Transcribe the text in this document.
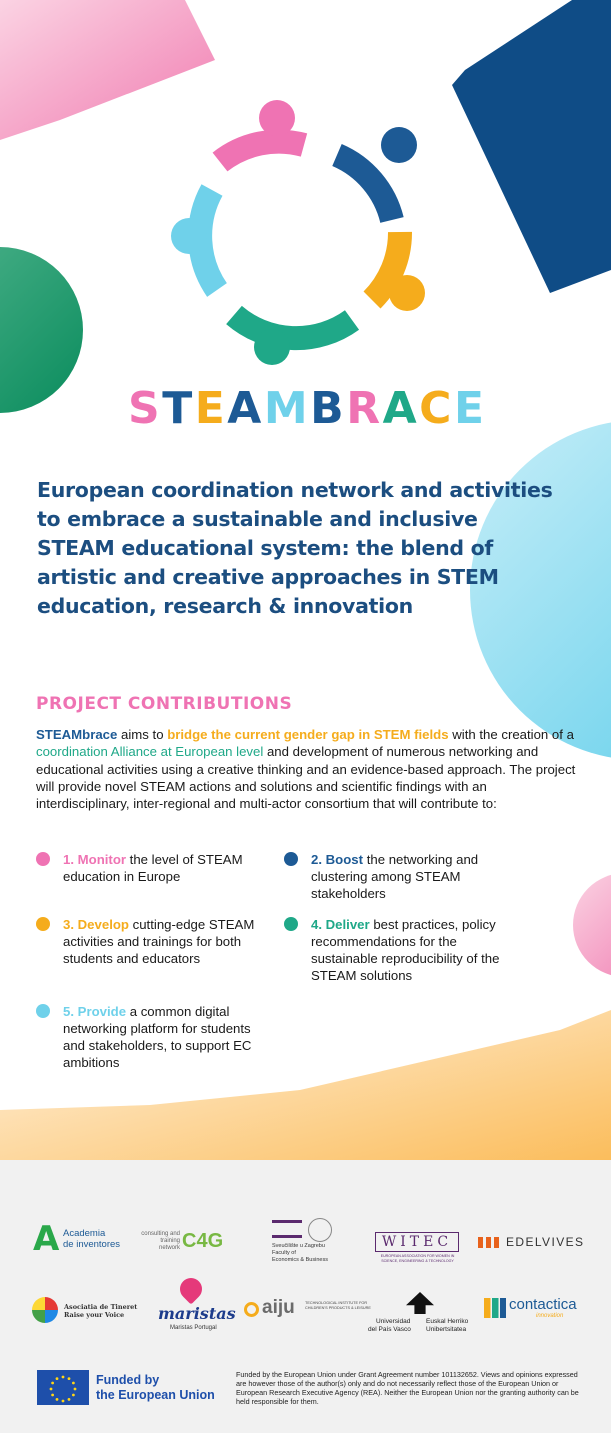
S T E A M B R A C E
European coordination network and activities to embrace a sustainable and inclusive STEAM educational system: the blend of artistic and creative approaches in STEM education, research & innovation
PROJECT CONTRIBUTIONS
STEAMbrace aims to bridge the current gender gap in STEM fields with the creation of a coordination Alliance at European level and development of numerous networking and educational activities using a creative thinking and an evidence-based approach. The project will provide novel STEAM actions and solutions and scientific findings with an interdisciplinary, inter-regional and multi-actor consortium that will contribute to:
1. Monitor the level of STEAM education in Europe
2. Boost the networking and clustering among STEAM stakeholders
3. Develop cutting-edge STEAM activities and trainings for both students and educators
4. Deliver best practices, policy recommendations for the sustainable reproducibility of the STEAM solutions
5. Provide a common digital networking platform for students and stakeholders, to support EC ambitions
A Academia
de inventores
consulting and training network C4G	Sveučilište u Zagrebu
Faculty of
Economics & Business
WITEC
EUROPEAN ASSOCIATION FOR WOMEN IN SCIENCE, ENGINEERING & TECHNOLOGY
EDELVIVES
Asociatia de Tineret
Raise your Voice maristas
Maristas Portugal
aiju	TECHNOLOGICAL INSTITUTE FOR CHILDREN'S PRODUCTS & LEISURE
Universidad
del País Vasco
Euskal Herriko
Unibertsitatea
contactica
innovation
Funded by
the European Union
Funded by the European Union under Grant Agreement number 101132652. Views and opinions expressed are however those of the author(s) only and do not necessarily reflect those of the European Union or European Research Executive Agency (REA). Neither the European Union nor the granting authority can be held responsible for them.
